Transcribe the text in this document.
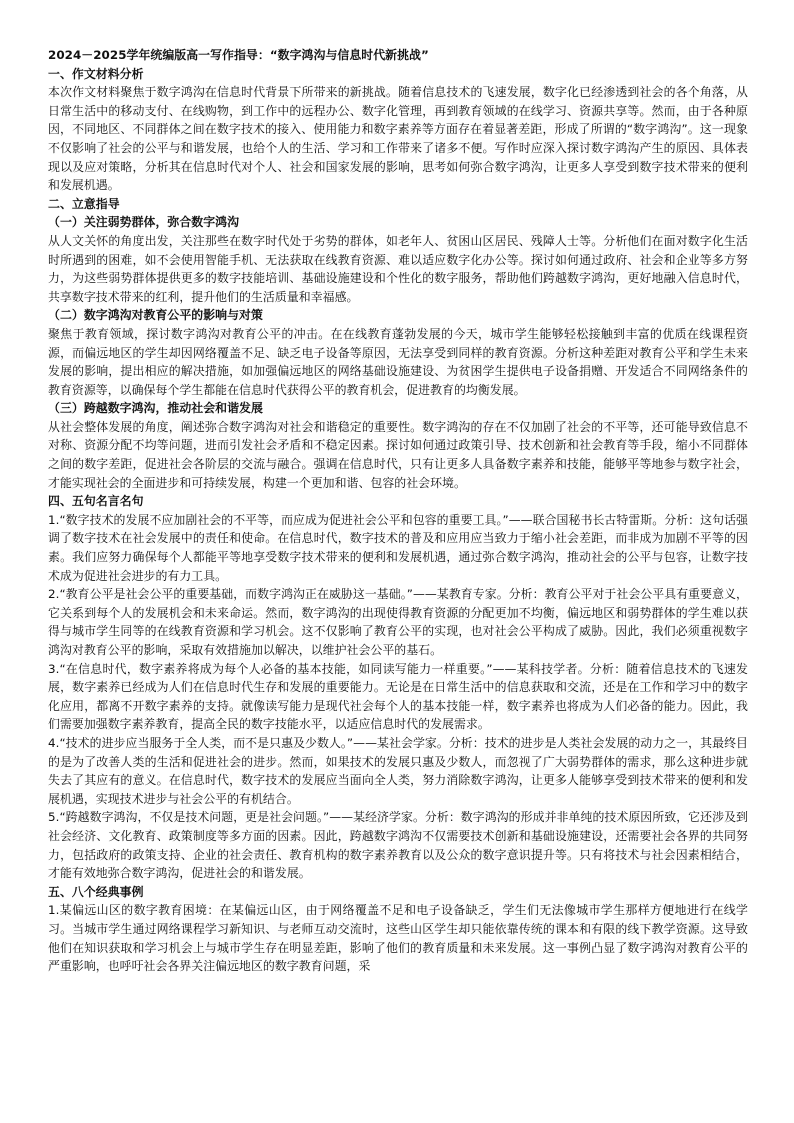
2024－2025学年统编版高一写作指导：“数字鸿沟与信息时代新挑战”

一、作文材料分析

本次作文材料聚焦于数字鸿沟在信息时代背景下所带来的新挑战。随着信息技术的飞速发展，数字化已经渗透到社会的各个角落，从日常生活中的移动支付、在线购物，到工作中的远程办公、数字化管理，再到教育领域的在线学习、资源共享等。然而，由于各种原因，不同地区、不同群体之间在数字技术的接入、使用能力和数字素养等方面存在着显著差距，形成了所谓的“数字鸿沟”。这一现象不仅影响了社会的公平与和谐发展，也给个人的生活、学习和工作带来了诸多不便。写作时应深入探讨数字鸿沟产生的原因、具体表现以及应对策略，分析其在信息时代对个人、社会和国家发展的影响，思考如何弥合数字鸿沟，让更多人享受到数字技术带来的便利和发展机遇。

二、立意指导

（一）关注弱势群体，弥合数字鸿沟

从人文关怀的角度出发，关注那些在数字时代处于劣势的群体，如老年人、贫困山区居民、残障人士等。分析他们在面对数字化生活时所遇到的困难，如不会使用智能手机、无法获取在线教育资源、难以适应数字化办公等。探讨如何通过政府、社会和企业等多方努力，为这些弱势群体提供更多的数字技能培训、基础设施建设和个性化的数字服务，帮助他们跨越数字鸿沟，更好地融入信息时代，共享数字技术带来的红利，提升他们的生活质量和幸福感。

（二）数字鸿沟对教育公平的影响与对策

聚焦于教育领域，探讨数字鸿沟对教育公平的冲击。在在线教育蓬勃发展的今天，城市学生能够轻松接触到丰富的优质在线课程资源，而偏远地区的学生却因网络覆盖不足、缺乏电子设备等原因，无法享受到同样的教育资源。分析这种差距对教育公平和学生未来发展的影响，提出相应的解决措施，如加强偏远地区的网络基础设施建设、为贫困学生提供电子设备捐赠、开发适合不同网络条件的教育资源等，以确保每个学生都能在信息时代获得公平的教育机会，促进教育的均衡发展。

（三）跨越数字鸿沟，推动社会和谐发展

从社会整体发展的角度，阐述弥合数字鸿沟对社会和谐稳定的重要性。数字鸿沟的存在不仅加剧了社会的不平等，还可能导致信息不对称、资源分配不均等问题，进而引发社会矛盾和不稳定因素。探讨如何通过政策引导、技术创新和社会教育等手段，缩小不同群体之间的数字差距，促进社会各阶层的交流与融合。强调在信息时代，只有让更多人具备数字素养和技能，能够平等地参与数字社会，才能实现社会的全面进步和可持续发展，构建一个更加和谐、包容的社会环境。

四、五句名言名句

1.“数字技术的发展不应加剧社会的不平等，而应成为促进社会公平和包容的重要工具。”——联合国秘书长古特雷斯。分析：这句话强调了数字技术在社会发展中的责任和使命。在信息时代，数字技术的普及和应用应当致力于缩小社会差距，而非成为加剧不平等的因素。我们应努力确保每个人都能平等地享受数字技术带来的便利和发展机遇，通过弥合数字鸿沟，推动社会的公平与包容，让数字技术成为促进社会进步的有力工具。

2.“教育公平是社会公平的重要基础，而数字鸿沟正在威胁这一基础。”——某教育专家。分析：教育公平对于社会公平具有重要意义，它关系到每个人的发展机会和未来命运。然而，数字鸿沟的出现使得教育资源的分配更加不均衡，偏远地区和弱势群体的学生难以获得与城市学生同等的在线教育资源和学习机会。这不仅影响了教育公平的实现，也对社会公平构成了威胁。因此，我们必须重视数字鸿沟对教育公平的影响，采取有效措施加以解决，以维护社会公平的基石。

3.“在信息时代，数字素养将成为每个人必备的基本技能，如同读写能力一样重要。”——某科技学者。分析：随着信息技术的飞速发展，数字素养已经成为人们在信息时代生存和发展的重要能力。无论是在日常生活中的信息获取和交流，还是在工作和学习中的数字化应用，都离不开数字素养的支持。就像读写能力是现代社会每个人的基本技能一样，数字素养也将成为人们必备的能力。因此，我们需要加强数字素养教育，提高全民的数字技能水平，以适应信息时代的发展需求。

4.“技术的进步应当服务于全人类，而不是只惠及少数人。”——某社会学家。分析：技术的进步是人类社会发展的动力之一，其最终目的是为了改善人类的生活和促进社会的进步。然而，如果技术的发展只惠及少数人，而忽视了广大弱势群体的需求，那么这种进步就失去了其应有的意义。在信息时代，数字技术的发展应当面向全人类，努力消除数字鸿沟，让更多人能够享受到技术带来的便利和发展机遇，实现技术进步与社会公平的有机结合。

5.“跨越数字鸿沟，不仅是技术问题，更是社会问题。”——某经济学家。分析：数字鸿沟的形成并非单纯的技术原因所致，它还涉及到社会经济、文化教育、政策制度等多方面的因素。因此，跨越数字鸿沟不仅需要技术创新和基础设施建设，还需要社会各界的共同努力，包括政府的政策支持、企业的社会责任、教育机构的数字素养教育以及公众的数字意识提升等。只有将技术与社会因素相结合，才能有效地弥合数字鸿沟，促进社会的和谐发展。

五、八个经典事例

1.某偏远山区的数字教育困境：在某偏远山区，由于网络覆盖不足和电子设备缺乏，学生们无法像城市学生那样方便地进行在线学习。当城市学生通过网络课程学习新知识、与老师互动交流时，这些山区学生却只能依靠传统的课本和有限的线下教学资源。这导致他们在知识获取和学习机会上与城市学生存在明显差距，影响了他们的教育质量和未来发展。这一事例凸显了数字鸿沟对教育公平的严重影响，也呼吁社会各界关注偏远地区的数字教育问题，采
